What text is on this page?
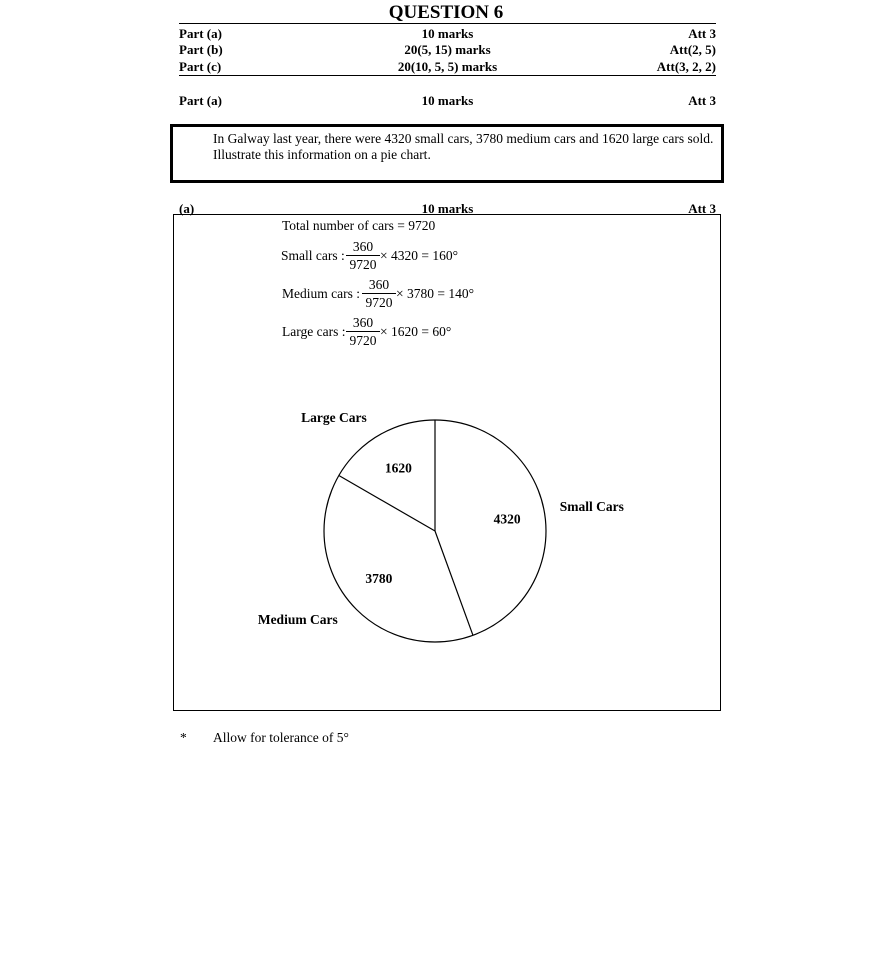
QUESTION 6
Part (a)	10 marks	Att 3
Part (b)	20(5, 15) marks	Att(2, 5)
Part (c)	20(10, 5, 5) marks	Att(3, 2, 2)
Part (a)	10 marks	Att 3
In Galway last year, there were 4320 small cars, 3780 medium cars and 1620 large cars sold.
Illustrate this information on a pie chart.
(a)	10 marks	Att 3
Total number of cars = 9720
Small cars :
360
9720
× 4320 = 160°
Medium cars :
360
9720
× 3780 = 140°
Large cars :
360
9720
× 1620 = 60°
4320
Small Cars
3780
Medium Cars
1620
Large Cars
* Allow for tolerance of 5°
